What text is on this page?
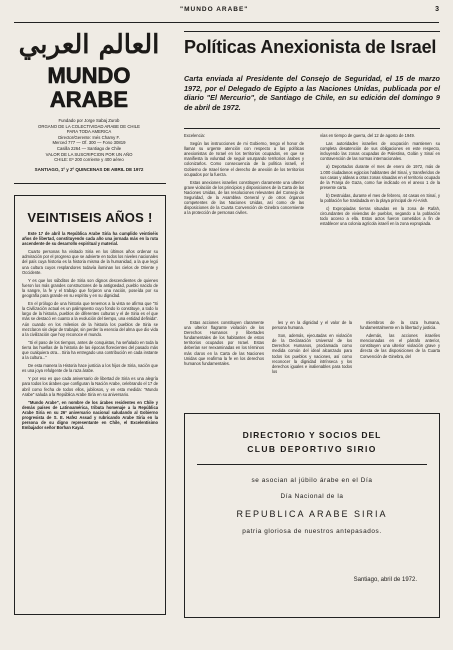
"MUNDO ARABE"	3
العالم العربي
MUNDO ARABE
Fundado por Jorge Sabaj Zurob
ORGANO DE LA COLECTIVIDAD ARABE DE CHILE
PARA TODA AMERICA
Director/Gerente: Inés Chamy F.
Merced 777 — Of. 300 — Fono 30819
Casilla 2264 — Santiago de Chile
VALOR DE LA SUSCRIPCION POR UN AÑO
CHILE: Eº 200 corriente y 400 aéreo
SANTIAGO, 1º y 2º QUINCENAS DE ABRIL DE 1972
VEINTISEIS AÑOS !

Este 17 de abril la República Arabe Siria ha cumplido veintiséis años de libertad, constituyendo cada año una jornada más en la ruta ascendente de su desarrollo espiritual y material.

Cuarto personas ha visitado Siria en los últimos años ordenar su admiración por el progreso que se advierte en todos los niveles nacionales del país cuya historia es la historia misma de la humanidad, a la que legó una cultura cuyos resplandores todavía iluminan los cielos de Oriente y Occidente.

Y es que los súbditos de Siria son dignos descendientes de quienes fueron los más grandes constructores de la antigüedad, pueblo nacido de la sangre, la fe y el trabajo que forjaron una nación, poseída por su geografía para grande en su espíritu y en su dignidad.

En el prólogo de una historia que tenemos a la vista se afirma que "Si la Civilización actual es un palimpsesto cuyo fondo lo constituye, a todo lo largo de la historia, pueblos de diferentes culturas y el de Siria es el que más se destacó en cuanto a la evolución del tiempo, una entidad definida". Aún cuando en los milenios de la historia los pueblos de Siria se mezclaron sin dejar de trabajar, sin perder la esencia del alma que dio vida a la civilización que hoy reconoce el mundo.

"Si el paso de los tiempos, antes de conquistas, ha señalado en toda la tierra las huellas de la historia de las épocas florecientes del pasado más que cualquiera otra... Siria ha entregado una contribución en cada instante a la cultura..."

De esta manera la Historia hace justicia a los hijos de Siria, nación que es una joya refulgente de la raza árabe.

Y por eso es que cada aniversario de libertad de Siria es una alegría para todos los árabes que configuran la Nación Arabe, celebrando el 17 de abril como fecha de todos ellos, jubilosos, y en esta medida: "Mundo Arabe" saluda a la República Arabe Siria en su aniversario.

"Mundo Arabe", en nombre de los árabes residentes en Chile y demás países de Latinoamérica, tributa homenaje a la República Arabe Siria en su 26º aniversario nacional saludando al Gobierno progresista de S. E. Hafez Assad y rubricando Arabe Siria en la persona de su digno representante en Chile, el Excelentísimo Embajador señor Borhan Kayal.

Políticas Anexionista de Israel
Carta enviada al Presidente del Consejo de Seguridad, el 15 de marzo 1972, por el Delegado de Egipto a las Naciones Unidas, publicada por el diario "El Mercurio", de Santiago de Chile, en su edición del domingo 9 de abril de 1972.

Excelencia:

Según las instrucciones de mi Gobierno, tengo el honor de llamar su urgente atención con respecto a las políticas anexionistas de Israel en los territorios ocupados, en que se manifiesta la voluntad de seguir usurpando territorios árabes y colonizarlos. Como consecuencia de la política israelí, el Gobierno de Israel tiene el derecho de anexión de los territorios ocupados por la fuerza.

Estas anexiones israelíes constituyen claramente una ulterior grave violación de los principios y disposiciones de la Carta de las Naciones Unidas, de las resoluciones relevantes del Consejo de Seguridad, de la Asamblea General y de otros órganos competentes de las Naciones Unidas, así como de las disposiciones de la Cuarta Convención de Ginebra concerniente a la protección de personas civiles.

vías en tiempo de guerra, del 12 de agosto de 1949.

Las autoridades israelíes de ocupación mantienen su completa desatención de sus obligaciones en este respecto, incluyendo las zonas ocupadas de Palestina, Golán y Sinaí en contravención de las normas internacionales.

a) Deportados durante el mes de enero de 1972, más de 1.000 ciudadanos egipcios habitantes del Sinaí, y transferidos de sus casas y aldeas a otras zonas situadas en el territorio ocupado de la Franja de Gaza, como fue indicado en el anexo 1 de la presente carta.

b) Destruidas, durante el mes de febrero, 44 casas en Sinaí, y la población fue trasladada en la playa principal de Al-Arish.

c) Expropiadas tierras situadas en la zona de Rafah, circundantes de viviendas de pueblos, segando a la población todo acceso a ella. Estos actos fueron cometidos a fin de establecer una colonia agrícola israelí en la zona expropiada.

Estas acciones constituyen claramente una ulterior flagrante violación de los Derechos Humanos y libertades fundamentales de los habitantes de estos territorios ocupados por Israel. Estas deberían ser reexaminadas en los términos más claros en la Carta de las Naciones Unidas que reafirma la fe en los derechos humanos fundamentales.

les y en la dignidad y el valor de la persona humana.

Son, además, ejecutadas en violación de la Declaración Universal de los Derechos Humanos, proclamada como medida común del ideal alcanzado para todos los pueblos y naciones, así como reconocer la dignidad intrínseca y los derechos iguales e inalienables para todos los

miembros de la raza humana, fundamentalmente en la libertad y justicia.

Además, las acciones israelíes mencionadas en el párrafo anterior, constituyen una ulterior violación grave y directa de las disposiciones de la Cuarta Convención de Ginebra, del

DIRECTORIO Y SOCIOS DEL
CLUB DEPORTIVO SIRIO
se asocian al júbilo árabe en el Día
Día Nacional de la
REPUBLICA ARABE SIRIA
patria gloriosa de nuestros antepasados.
Santiago, abril de 1972.
